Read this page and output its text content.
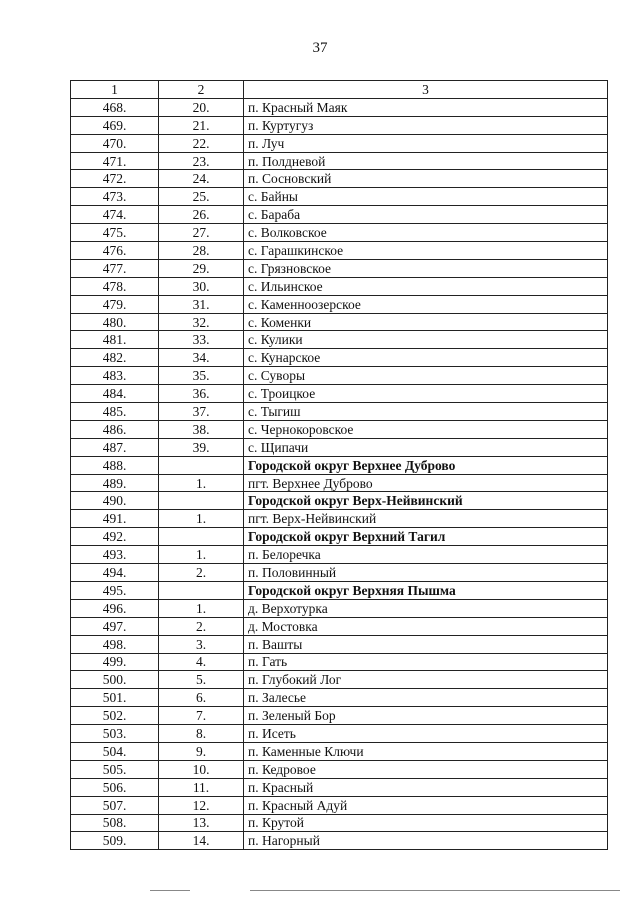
37
1	2	3
468.	20.	п. Красный Маяк
469.	21.	п. Куртугуз
470.	22.	п. Луч
471.	23.	п. Полдневой
472.	24.	п. Сосновский
473.	25.	с. Байны
474.	26.	с. Бараба
475.	27.	с. Волковское
476.	28.	с. Гарашкинское
477.	29.	с. Грязновское
478.	30.	с. Ильинское
479.	31.	с. Каменноозерское
480.	32.	с. Коменки
481.	33.	с. Кулики
482.	34.	с. Кунарское
483.	35.	с. Суворы
484.	36.	с. Троицкое
485.	37.	с. Тыгиш
486.	38.	с. Чернокоровское
487.	39.	с. Щипачи
488.		Городской округ Верхнее Дуброво
489.	1.	пгт. Верхнее Дуброво
490.		Городской округ Верх-Нейвинский
491.	1.	пгт. Верх-Нейвинский
492.		Городской округ Верхний Тагил
493.	1.	п. Белоречка
494.	2.	п. Половинный
495.		Городской округ Верхняя Пышма
496.	1.	д. Верхотурка
497.	2.	д. Мостовка
498.	3.	п. Вашты
499.	4.	п. Гать
500.	5.	п. Глубокий Лог
501.	6.	п. Залесье
502.	7.	п. Зеленый Бор
503.	8.	п. Исеть
504.	9.	п. Каменные Ключи
505.	10.	п. Кедровое
506.	11.	п. Красный
507.	12.	п. Красный Адуй
508.	13.	п. Крутой
509.	14.	п. Нагорный
